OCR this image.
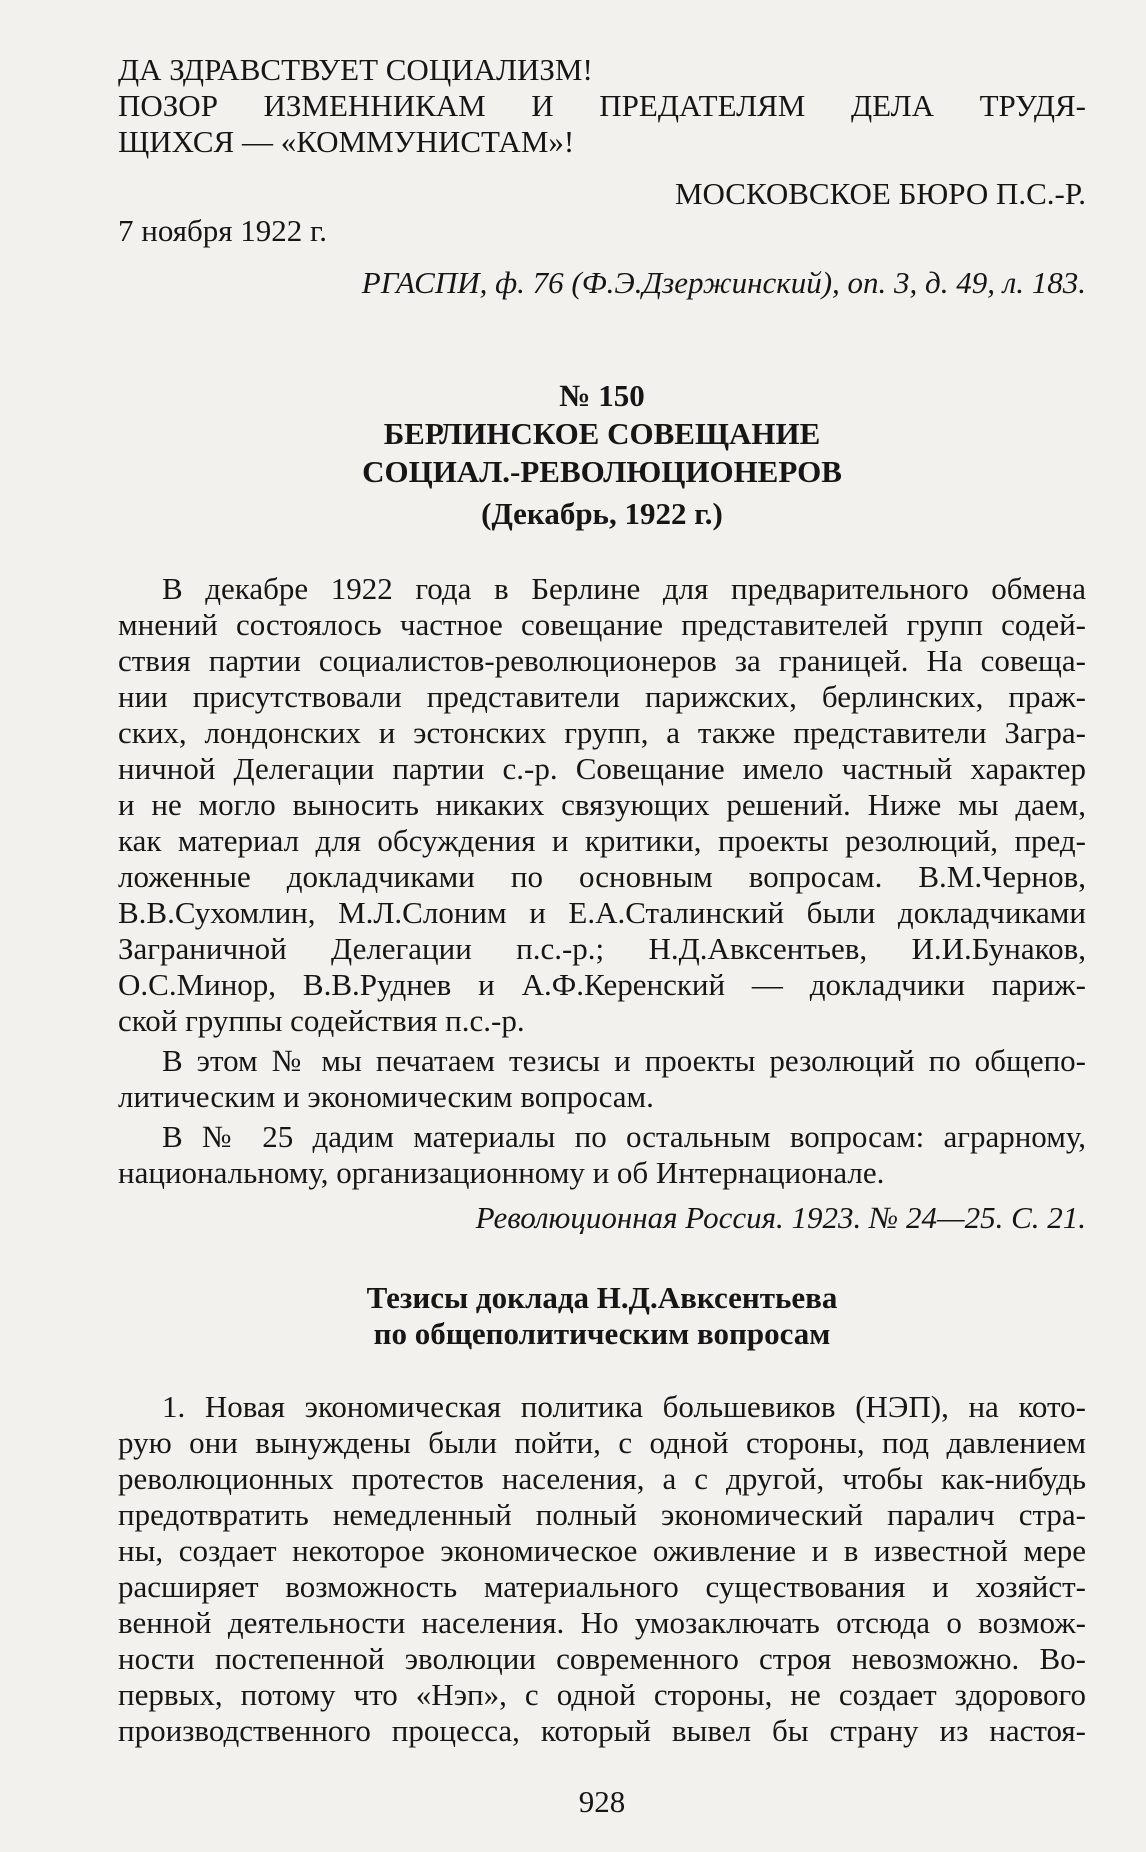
ДА ЗДРАВСТВУЕТ СОЦИАЛИЗМ!
ПОЗОР ИЗМЕННИКАМ И ПРЕДАТЕЛЯМ ДЕЛА ТРУДЯ-
ЩИХСЯ — «КОММУНИСТАМ»!
МОСКОВСКОЕ БЮРО П.С.-Р.
7 ноября 1922 г.
РГАСПИ, ф. 76 (Ф.Э.Дзержинский), оп. 3, д. 49, л. 183.
№ 150
БЕРЛИНСКОЕ СОВЕЩАНИЕ
СОЦИАЛ.-РЕВОЛЮЦИОНЕРОВ
(Декабрь, 1922 г.)
В декабре 1922 года в Берлине для предварительного обмена
мнений состоялось частное совещание представителей групп содей-
ствия партии социалистов-революционеров за границей. На совеща-
нии присутствовали представители парижских, берлинских, праж-
ских, лондонских и эстонских групп, а также представители Загра-
ничной Делегации партии с.-р. Совещание имело частный характер
и не могло выносить никаких связующих решений. Ниже мы даем,
как материал для обсуждения и критики, проекты резолюций, пред-
ложенные докладчиками по основным вопросам. В.М.Чернов,
В.В.Сухомлин, М.Л.Слоним и Е.А.Сталинский были докладчиками
Заграничной Делегации п.с.-р.; Н.Д.Авксентьев, И.И.Бунаков,
О.С.Минор, В.В.Руднев и А.Ф.Керенский — докладчики париж-
ской группы содействия п.с.-р.
В этом № мы печатаем тезисы и проекты резолюций по общепо-
литическим и экономическим вопросам.
В № 25 дадим материалы по остальным вопросам: аграрному,
национальному, организационному и об Интернационале.
Революционная Россия. 1923. № 24—25. С. 21.
Тезисы доклада Н.Д.Авксентьева
по общеполитическим вопросам
1. Новая экономическая политика большевиков (НЭП), на кото-
рую они вынуждены были пойти, с одной стороны, под давлением
революционных протестов населения, а с другой, чтобы как-нибудь
предотвратить немедленный полный экономический паралич стра-
ны, создает некоторое экономическое оживление и в известной мере
расширяет возможность материального существования и хозяйст-
венной деятельности населения. Но умозаключать отсюда о возмож-
ности постепенной эволюции современного строя невозможно. Во-
первых, потому что «Нэп», с одной стороны, не создает здорового
производственного процесса, который вывел бы страну из настоя-
928
